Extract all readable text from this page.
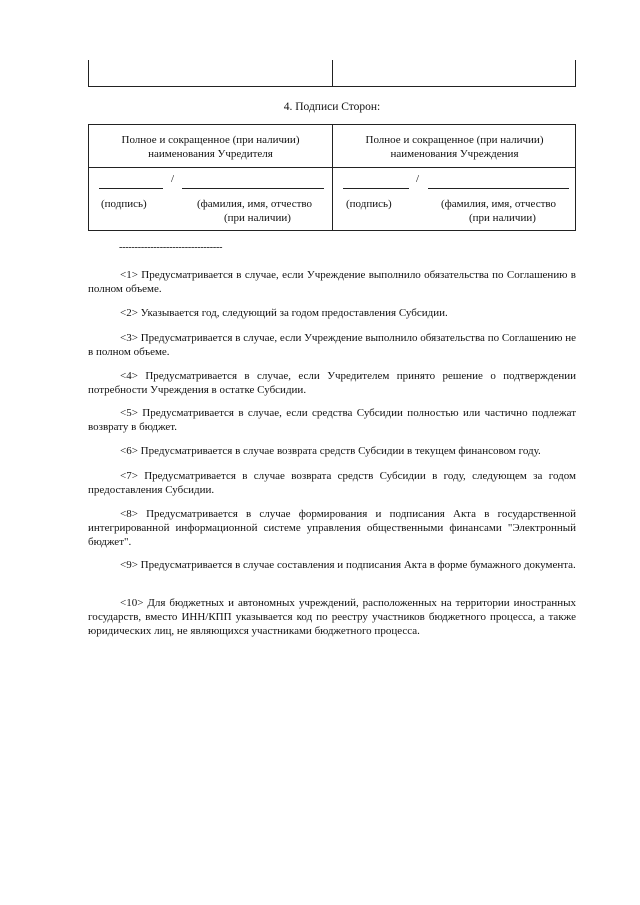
4. Подписи Сторон:
Полное и сокращенное (при наличии)
наименования Учредителя
Полное и сокращенное (при наличии)
наименования Учреждения
/
(подпись)	(фамилия, имя, отчество
(при наличии)
/
(подпись)	(фамилия, имя, отчество
(при наличии)
---------------------------------
<1> Предусматривается в случае, если Учреждение выполнило обязательства по Соглашению в полном объеме.
<2> Указывается год, следующий за годом предоставления Субсидии.
<3> Предусматривается в случае, если Учреждение выполнило обязательства по Соглашению не в полном объеме.
<4> Предусматривается в случае, если Учредителем принято решение о подтверждении потребности Учреждения в остатке Субсидии.
<5> Предусматривается в случае, если средства Субсидии полностью или частично подлежат возврату в бюджет.
<6> Предусматривается в случае возврата средств Субсидии в текущем финансовом году.
<7> Предусматривается в случае возврата средств Субсидии в году, следующем за годом предоставления Субсидии.
<8> Предусматривается в случае формирования и подписания Акта в государственной интегрированной информационной системе управления общественными финансами "Электронный бюджет".
<9> Предусматривается в случае составления и подписания Акта в форме бумажного документа.
<10> Для бюджетных и автономных учреждений, расположенных на территории иностранных государств, вместо ИНН/КПП указывается код по реестру участников бюджетного процесса, а также юридических лиц, не являющихся участниками бюджетного процесса.
